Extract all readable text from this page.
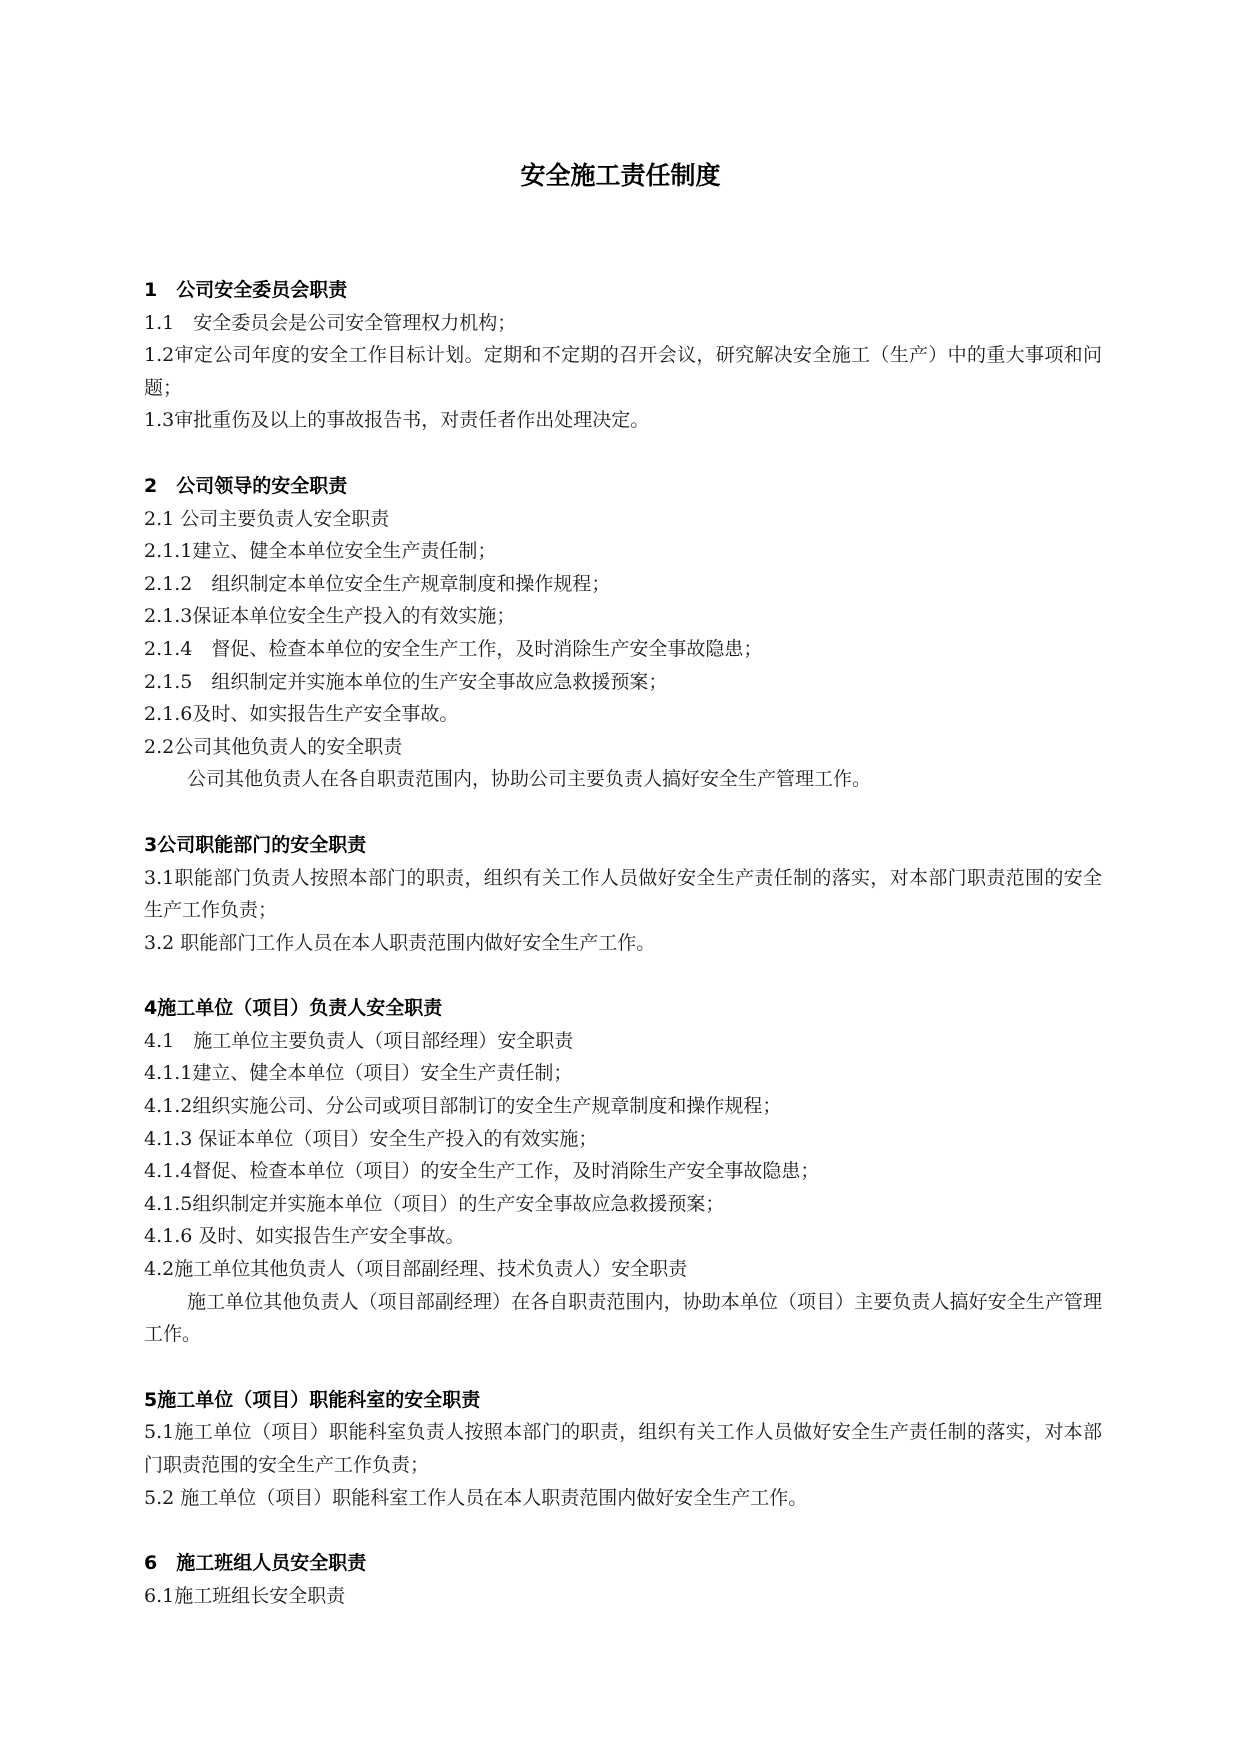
安全施工责任制度
1　公司安全委员会职责
1.1　安全委员会是公司安全管理权力机构；
1.2审定公司年度的安全工作目标计划。定期和不定期的召开会议，研究解决安全施工（生产）中的重大事项和问题；
1.3审批重伤及以上的事故报告书，对责任者作出处理决定。
2　公司领导的安全职责
2.1 公司主要负责人安全职责
2.1.1建立、健全本单位安全生产责任制；
2.1.2　组织制定本单位安全生产规章制度和操作规程；
2.1.3保证本单位安全生产投入的有效实施；
2.1.4　督促、检查本单位的安全生产工作，及时消除生产安全事故隐患；
2.1.5　组织制定并实施本单位的生产安全事故应急救援预案；
2.1.6及时、如实报告生产安全事故。
2.2公司其他负责人的安全职责
公司其他负责人在各自职责范围内，协助公司主要负责人搞好安全生产管理工作。
3公司职能部门的安全职责
3.1职能部门负责人按照本部门的职责，组织有关工作人员做好安全生产责任制的落实，对本部门职责范围的安全生产工作负责；
3.2 职能部门工作人员在本人职责范围内做好安全生产工作。
4施工单位（项目）负责人安全职责
4.1　施工单位主要负责人（项目部经理）安全职责
4.1.1建立、健全本单位（项目）安全生产责任制；
4.1.2组织实施公司、分公司或项目部制订的安全生产规章制度和操作规程；
4.1.3 保证本单位（项目）安全生产投入的有效实施；
4.1.4督促、检查本单位（项目）的安全生产工作，及时消除生产安全事故隐患；
4.1.5组织制定并实施本单位（项目）的生产安全事故应急救援预案；
4.1.6 及时、如实报告生产安全事故。
4.2施工单位其他负责人（项目部副经理、技术负责人）安全职责
施工单位其他负责人（项目部副经理）在各自职责范围内，协助本单位（项目）主要负责人搞好安全生产管理工作。
5施工单位（项目）职能科室的安全职责
5.1施工单位（项目）职能科室负责人按照本部门的职责，组织有关工作人员做好安全生产责任制的落实，对本部门职责范围的安全生产工作负责；
5.2 施工单位（项目）职能科室工作人员在本人职责范围内做好安全生产工作。
6　施工班组人员安全职责
6.1施工班组长安全职责
